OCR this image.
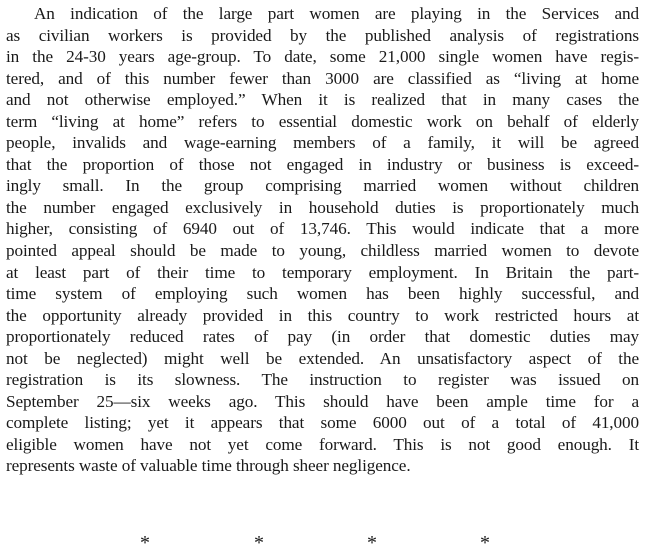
An indication of the large part women are playing in the Services and
as civilian workers is provided by the published analysis of registrations
in the 24-30 years age-group. To date, some 21,000 single women have regis-
tered, and of this number fewer than 3000 are classified as “living at home
and not otherwise employed.” When it is realized that in many cases the
term “living at home” refers to essential domestic work on behalf of elderly
people, invalids and wage-earning members of a family, it will be agreed
that the proportion of those not engaged in industry or business is exceed-
ingly small. In the group comprising married women without children
the number engaged exclusively in household duties is proportionately much
higher, consisting of 6940 out of 13,746. This would indicate that a more
pointed appeal should be made to young, childless married women to devote
at least part of their time to temporary employment. In Britain the part-
time system of employing such women has been highly successful, and
the opportunity already provided in this country to work restricted hours at
proportionately reduced rates of pay (in order that domestic duties may
not be neglected) might well be extended. An unsatisfactory aspect of the
registration is its slowness. The instruction to register was issued on
September 25—six weeks ago. This should have been ample time for a
complete listing; yet it appears that some 6000 out of a total of 41,000
eligible women have not yet come forward. This is not good enough. It
represents waste of valuable time through sheer negligence.
*	*	*	*
